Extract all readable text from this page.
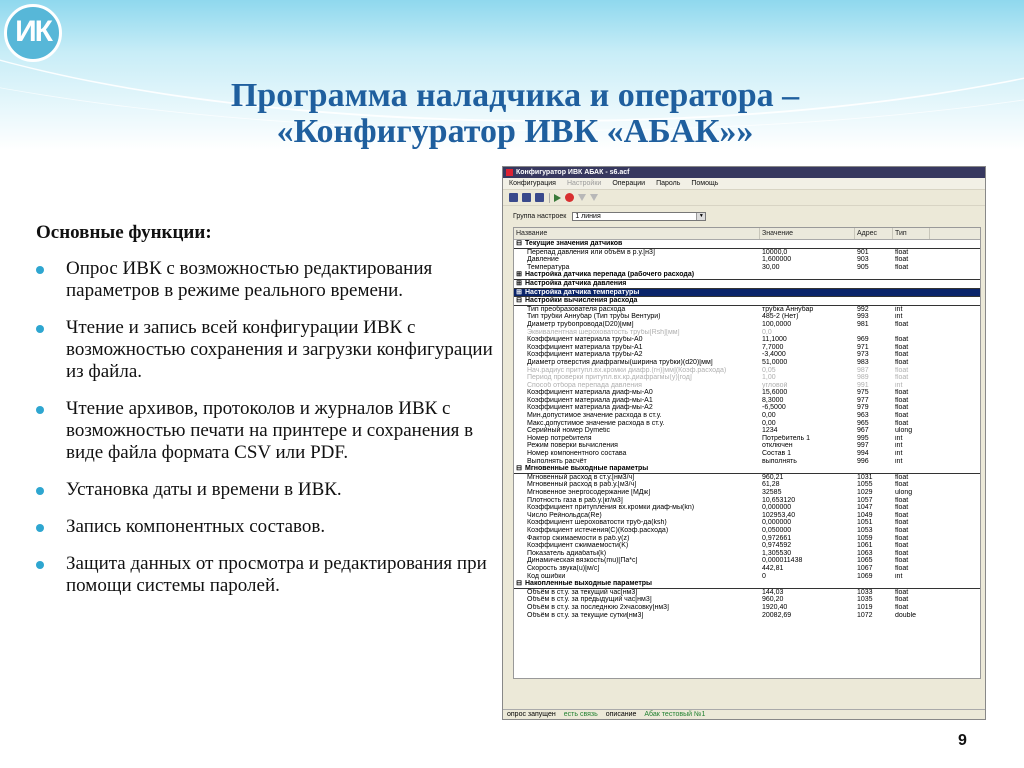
ИК
Программа наладчика и оператора –
«Конфигуратор ИВК «АБАК»»
Основные функции:
Опрос ИВК с возможностью редактирования параметров в режиме реального времени.
Чтение и запись всей конфигурации ИВК с возможностью сохранения и загрузки конфигурации из файла.
Чтение архивов, протоколов и журналов ИВК с возможностью печати на принтере и сохранения в виде файла формата CSV или PDF.
Установка даты и времени в ИВК.
Запись компонентных составов.
Защита данных от просмотра и редактирования при помощи системы паролей.
9
Конфигуратор ИВК АБАК - s6.acf
Конфигурация Настройки Операции Пароль Помощь
Группа настроек 1 линия	▼
Название	Значение	Адрес	Тип
⊟ Текущие значения датчиков
Перепад давления или объём в р.у.[н3]	10000,0	901	float
Давление	1,600000	903	float
Температура	30,00	905	float
⊞ Настройка датчика перепада (рабочего расхода)
⊞ Настройка датчика давления
⊞ Настройка датчика температуры
⊟ Настройки вычисления расхода
Тип преобразователя расхода	трубка Аннубар	992	int
Тип трубки Аннубар (Тип трубы Вентури)	485-2 (Нет)	993	int
Диаметр трубопровода(D20)[мм]	100,0000	981	float
Эквивалентная шероховатость трубы[Rsh][мм]	0,0
Коэффициент материала трубы-A0	11,1000	969	float
Коэффициент материала трубы-A1	7,7000	971	float
Коэффициент материала трубы-A2	-3,4000	973	float
Диаметр отверстия диафрагмы(ширина трубки)(d20)[мм]	51,0000	983	float
Нач.радиус притупл.вх.кромки диафр.(rн)[мм](Коэф.расхода)	0,05	987	float
Период проверки притупл.вх.кр.диафрагмы(y)[год]	1,00	989	float
Способ отбора перепада давления	угловой	991	int
Коэффициент материала диаф-мы-A0	15,6000	975	float
Коэффициент материала диаф-мы-A1	8,3000	977	float
Коэффициент материала диаф-мы-A2	-6,5000	979	float
Мин.допустимое значение расхода в ст.у.	0,00	963	float
Макс.допустимое значение расхода в ст.у.	0,00	965	float
Серийный номер Dymetic	1234	967	ulong
Номер потребителя	Потребитель 1	995	int
Режим поверки вычисления	отключен	997	int
Номер компонентного состава	Состав 1	994	int
Выполнять расчёт	выполнять	996	int
⊟ Мгновенные выходные параметры
Мгновенный расход в ст.у.[нм3/ч]	960,21	1031	float
Мгновенный расход в раб.у.[м3/ч]	61,28	1055	float
Мгновенное энергосодержание [МДж]	32585	1029	ulong
Плотность газа в раб.у.[кг/м3]	10,653120	1057	float
Коэффициент притупления вх.кромки диаф-мы(kn)	0,000000	1047	float
Число Рейнольдса(Re)	102953,40	1049	float
Коэффициент шероховатости труб-да(ksh)	0,000000	1051	float
Коэффициент истечения(C)(Коэф.расхода)	0,050000	1053	float
Фактор сжимаемости в раб.у(z)	0,972661	1059	float
Коэффициент сжимаемости(K)	0,974592	1061	float
Показатель адиабаты(k)	1,305530	1063	float
Динамическая вязкость(mu)[Па*с]	0,000011438	1065	float
Скорость звука(u)[м/с]	442,81	1067	float
Код ошибки	0	1069	int
⊟ Накопленные выходные параметры
Объём в ст.у. за текущий час[нм3]	144,03	1033	float
Объём в ст.у. за предыдущий час[нм3]	960,20	1035	float
Объём в ст.у. за последнюю 2хчасовку[нм3]	1920,40	1019	float
Объём в ст.у. за текущие сутки[нм3]	20082,69	1072	double
опрос запущен есть связь описание Абак тестовый №1
